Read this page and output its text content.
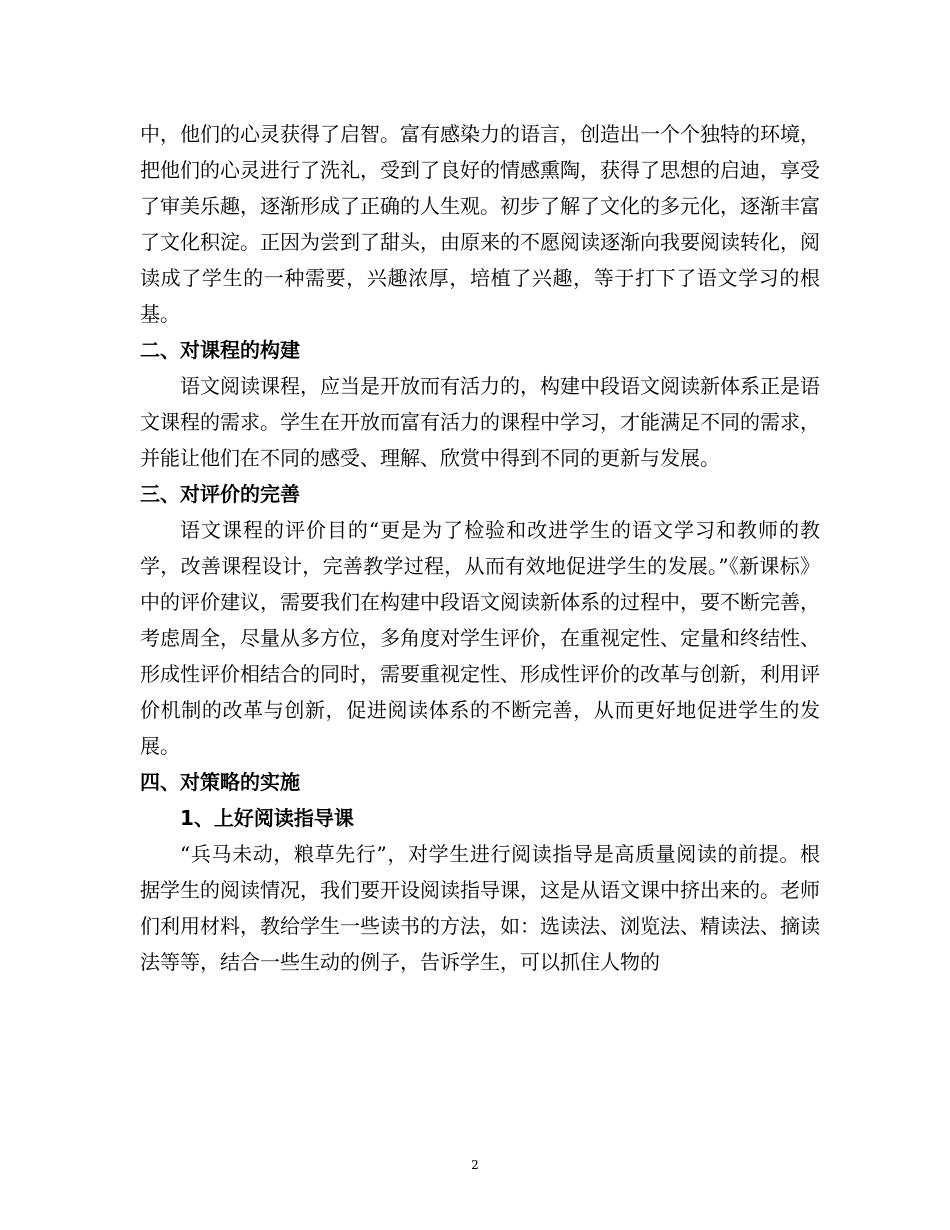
中，他们的心灵获得了启智。富有感染力的语言，创造出一个个独特的环境，把他们的心灵进行了洗礼，受到了良好的情感熏陶，获得了思想的启迪，享受了审美乐趣，逐渐形成了正确的人生观。初步了解了文化的多元化，逐渐丰富了文化积淀。正因为尝到了甜头，由原来的不愿阅读逐渐向我要阅读转化，阅读成了学生的一种需要，兴趣浓厚，培植了兴趣，等于打下了语文学习的根基。

二、对课程的构建

语文阅读课程，应当是开放而有活力的，构建中段语文阅读新体系正是语文课程的需求。学生在开放而富有活力的课程中学习，才能满足不同的需求，并能让他们在不同的感受、理解、欣赏中得到不同的更新与发展。

三、对评价的完善

语文课程的评价目的“更是为了检验和改进学生的语文学习和教师的教学，改善课程设计，完善教学过程，从而有效地促进学生的发展。”《新课标》中的评价建议，需要我们在构建中段语文阅读新体系的过程中，要不断完善，考虑周全，尽量从多方位，多角度对学生评价，在重视定性、定量和终结性、形成性评价相结合的同时，需要重视定性、形成性评价的改革与创新，利用评价机制的改革与创新，促进阅读体系的不断完善，从而更好地促进学生的发展。

四、对策略的实施
1、上好阅读指导课

“兵马未动，粮草先行”，对学生进行阅读指导是高质量阅读的前提。根据学生的阅读情况，我们要开设阅读指导课，这是从语文课中挤出来的。老师们利用材料，教给学生一些读书的方法，如：选读法、浏览法、精读法、摘读法等等，结合一些生动的例子，告诉学生，可以抓住人物的

2
